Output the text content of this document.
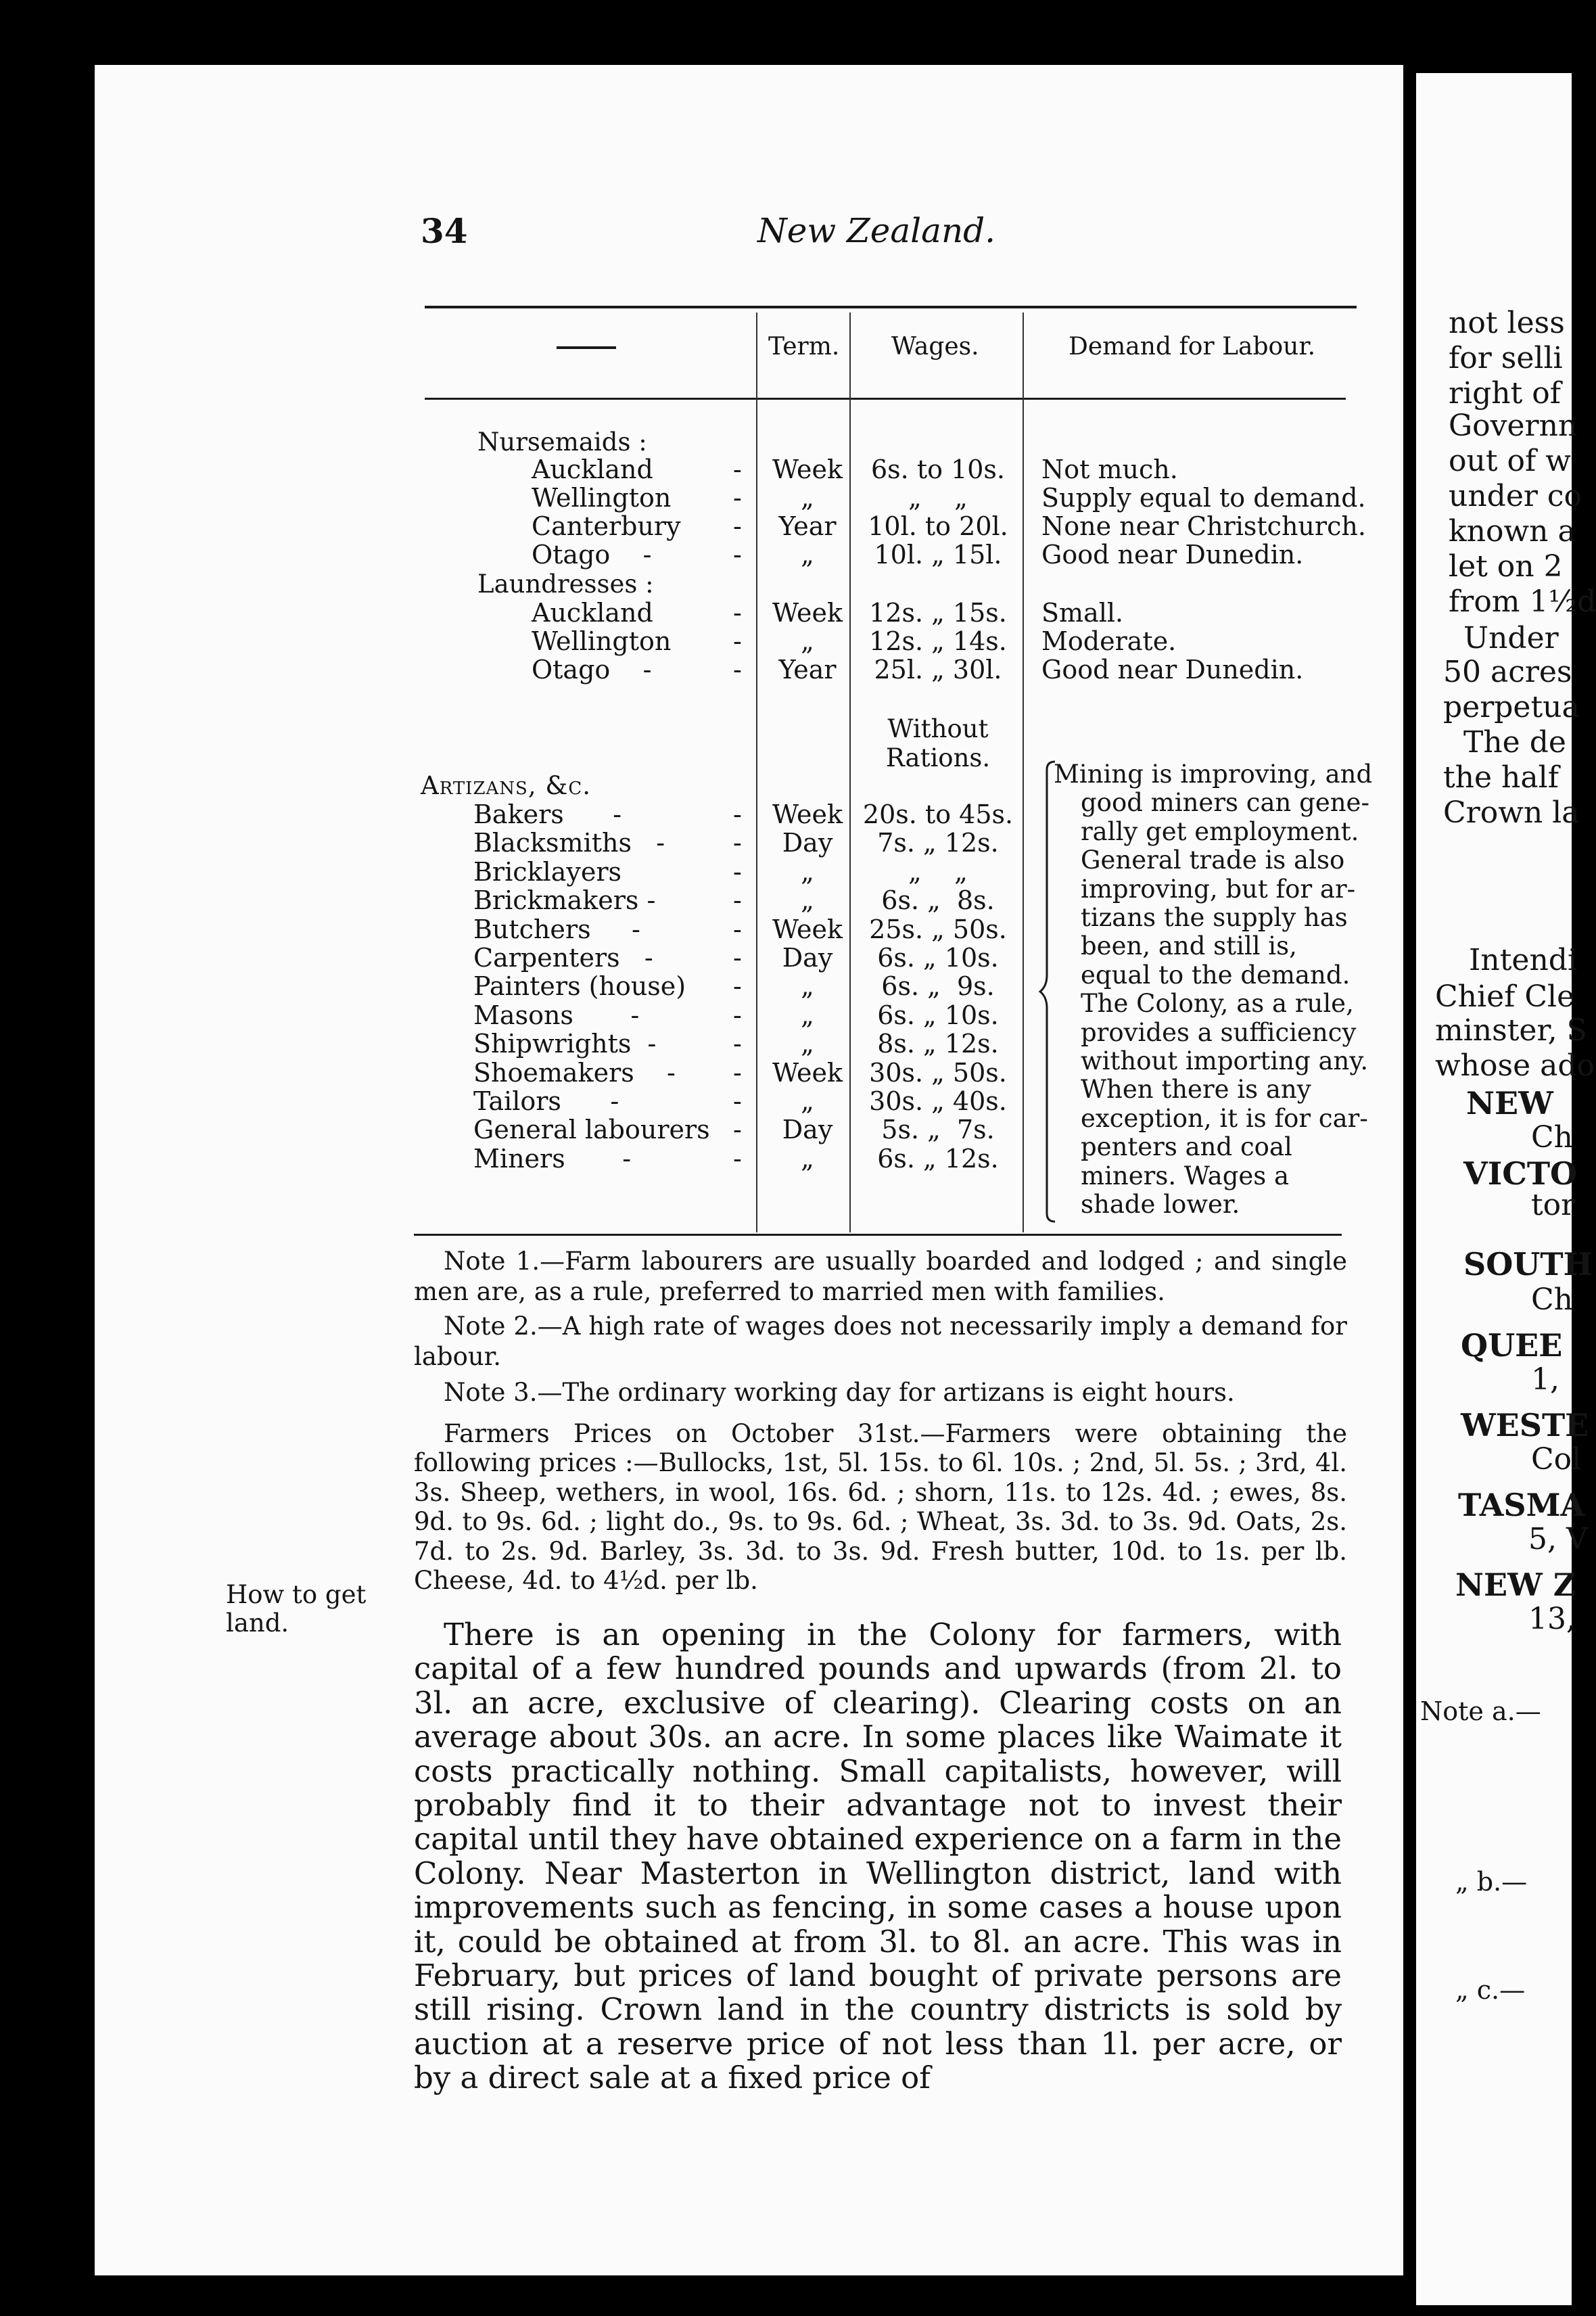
34	New Zealand.
Term. Wages.	Demand for Labour.
Nursemaids :
Laundresses :
Artizans, &c.
Without
Rations.
Auckland	- Week	6s. to 10s.	Not much.
Wellington -	„	„    „	Supply equal to demand.
Canterbury -	Year	10l. to 20l.	None near Christchurch.
Otago    -	-	„	10l. „ 15l.	Good near Dunedin.
Auckland	- Week	12s. „ 15s.	Small.
Wellington -	„	12s. „ 14s.	Moderate.
Otago    -	-	Year	25l. „ 30l.	Good near Dunedin.
Bakers      -	- Week 20s. to 45s.
Blacksmiths   -	-	Day	7s. „ 12s.
Bricklayers	-	„	„    „
Brickmakers -	-	„	6s. „  8s.
Butchers     -	- Week	25s. „ 50s.
Carpenters   -	-	Day	6s. „ 10s.
Painters (house) -	„	6s. „  9s.
Masons       -	-	„	6s. „ 10s.
Shipwrights  -	-	„	8s. „ 12s.
Shoemakers    - - Week	30s. „ 50s.
Tailors      -	-	„	30s. „ 40s.
General labourers -	Day	5s. „  7s.
Miners       -	-	„	6s. „ 12s.
Mining is improving, and
good miners can gene-
rally get employment.
General trade is also
improving, but for ar-
tizans the supply has
been, and still is,
equal to the demand.
The Colony, as a rule,
provides a sufficiency
without importing any.
When there is any
exception, it is for car-
penters and coal
miners. Wages a
shade lower.
Note 1.—Farm labourers are usually boarded and lodged ; and single men are, as a rule, preferred to married men with families.
Note 2.—A high rate of wages does not necessarily imply a demand for labour.
Note 3.—The ordinary working day for artizans is eight hours.
Farmers Prices on October 31st.—Farmers were obtaining the following prices :—Bullocks, 1st, 5l. 15s. to 6l. 10s. ; 2nd, 5l. 5s. ; 3rd, 4l. 3s. Sheep, wethers, in wool, 16s. 6d. ; shorn, 11s. to 12s. 4d. ; ewes, 8s. 9d. to 9s. 6d. ; light do., 9s. to 9s. 6d. ; Wheat, 3s. 3d. to 3s. 9d. Oats, 2s. 7d. to 2s. 9d. Barley, 3s. 3d. to 3s. 9d. Fresh butter, 10d. to 1s. per lb. Cheese, 4d. to 4½d. per lb.
How to get
land.	There is an opening in the Colony for farmers, with capital of a few hundred pounds and upwards (from 2l. to 3l. an acre, exclusive of clearing). Clearing costs on an average about 30s. an acre. In some places like Waimate it costs practically nothing. Small capitalists, however, will probably find it to their advantage not to invest their capital until they have obtained experience on a farm in the Colony. Near Masterton in Wellington district, land with improvements such as fencing, in some cases a house upon it, could be obtained at from 3l. to 8l. an acre. This was in February, but prices of land bought of private persons are still rising. Crown land in the country districts is sold by auction at a reserve price of not less than 1l. per acre, or by a direct sale at a fixed price of
not less
for selli
right of
Governn
out of w
under co
known a
let on 2
from 1½d
Under
50 acres
perpetua
The de
the half
Crown la
Intendi
Chief Cle
minster, S
whose ado
NEW
Ch
VICTO
tor
SOUTH
Ch
QUEE
1,
WESTE
Col
TASMA
5, V
NEW Z
13,
Note a.—
„ b.—
„ c.—
